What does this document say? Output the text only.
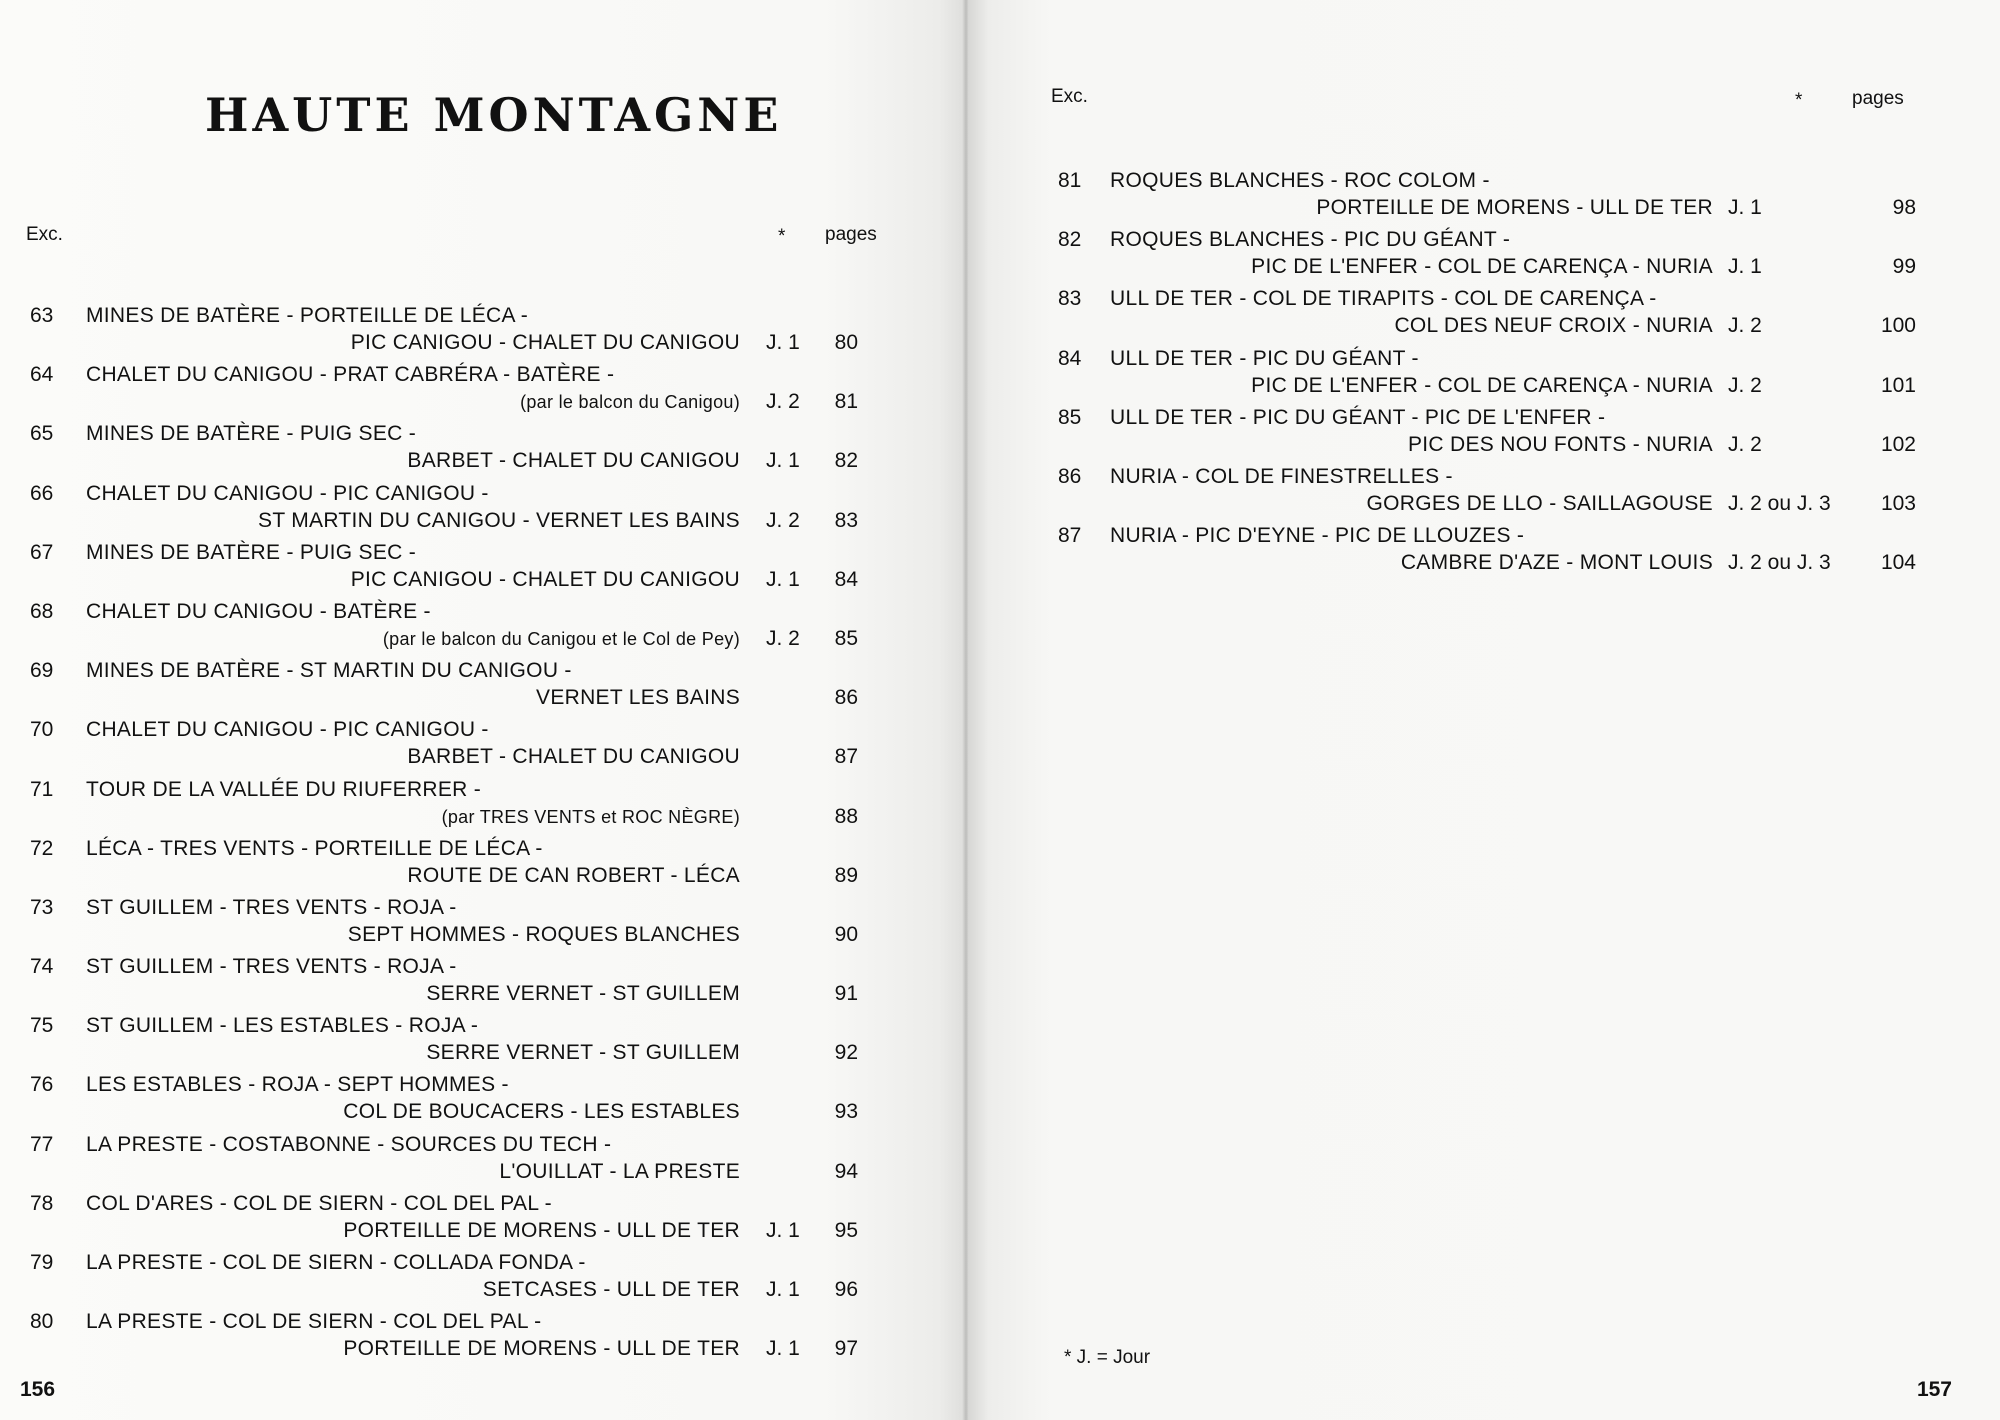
HAUTE MONTAGNE
Exc.	* pages
63 MINES DE BATÈRE - PORTEILLE DE LÉCA -
PIC CANIGOU - CHALET DU CANIGOU J. 1 80
64 CHALET DU CANIGOU - PRAT CABRÉRA - BATÈRE -
(par le balcon du Canigou) J. 2 81
65 MINES DE BATÈRE - PUIG SEC -
BARBET - CHALET DU CANIGOU J. 1 82
66 CHALET DU CANIGOU - PIC CANIGOU -
ST MARTIN DU CANIGOU - VERNET LES BAINS J. 2 83
67 MINES DE BATÈRE - PUIG SEC -
PIC CANIGOU - CHALET DU CANIGOU J. 1 84
68 CHALET DU CANIGOU - BATÈRE -
(par le balcon du Canigou et le Col de Pey) J. 2 85
69 MINES DE BATÈRE - ST MARTIN DU CANIGOU -
VERNET LES BAINS	86
70 CHALET DU CANIGOU - PIC CANIGOU -
BARBET - CHALET DU CANIGOU	87
71 TOUR DE LA VALLÉE DU RIUFERRER -
(par TRES VENTS et ROC NÈGRE)	88
72 LÉCA - TRES VENTS - PORTEILLE DE LÉCA -
ROUTE DE CAN ROBERT - LÉCA	89
73 ST GUILLEM - TRES VENTS - ROJA -
SEPT HOMMES - ROQUES BLANCHES	90
74 ST GUILLEM - TRES VENTS - ROJA -
SERRE VERNET - ST GUILLEM	91
75 ST GUILLEM - LES ESTABLES - ROJA -
SERRE VERNET - ST GUILLEM	92
76 LES ESTABLES - ROJA - SEPT HOMMES -
COL DE BOUCACERS - LES ESTABLES	93
77 LA PRESTE - COSTABONNE - SOURCES DU TECH -
L'OUILLAT - LA PRESTE	94
78 COL D'ARES - COL DE SIERN - COL DEL PAL -
PORTEILLE DE MORENS - ULL DE TER J. 1 95
79 LA PRESTE - COL DE SIERN - COLLADA FONDA -
SETCASES - ULL DE TER J. 1 96
80 LA PRESTE - COL DE SIERN - COL DEL PAL -
PORTEILLE DE MORENS - ULL DE TER J. 1 97
156
Exc.	*	pages
81 ROQUES BLANCHES - ROC COLOM -
PORTEILLE DE MORENS - ULL DE TER J. 1	98
82 ROQUES BLANCHES - PIC DU GÉANT -
PIC DE L'ENFER - COL DE CARENÇA - NURIA J. 1	99
83 ULL DE TER - COL DE TIRAPITS - COL DE CARENÇA -
COL DES NEUF CROIX - NURIA J. 2	100
84 ULL DE TER - PIC DU GÉANT -
PIC DE L'ENFER - COL DE CARENÇA - NURIA J. 2	101
85 ULL DE TER - PIC DU GÉANT - PIC DE L'ENFER -
PIC DES NOU FONTS - NURIA J. 2	102
86 NURIA - COL DE FINESTRELLES -
GORGES DE LLO - SAILLAGOUSE J. 2 ou J. 3 103
87 NURIA - PIC D'EYNE - PIC DE LLOUZES -
CAMBRE D'AZE - MONT LOUIS J. 2 ou J. 3 104
* J. = Jour
157
